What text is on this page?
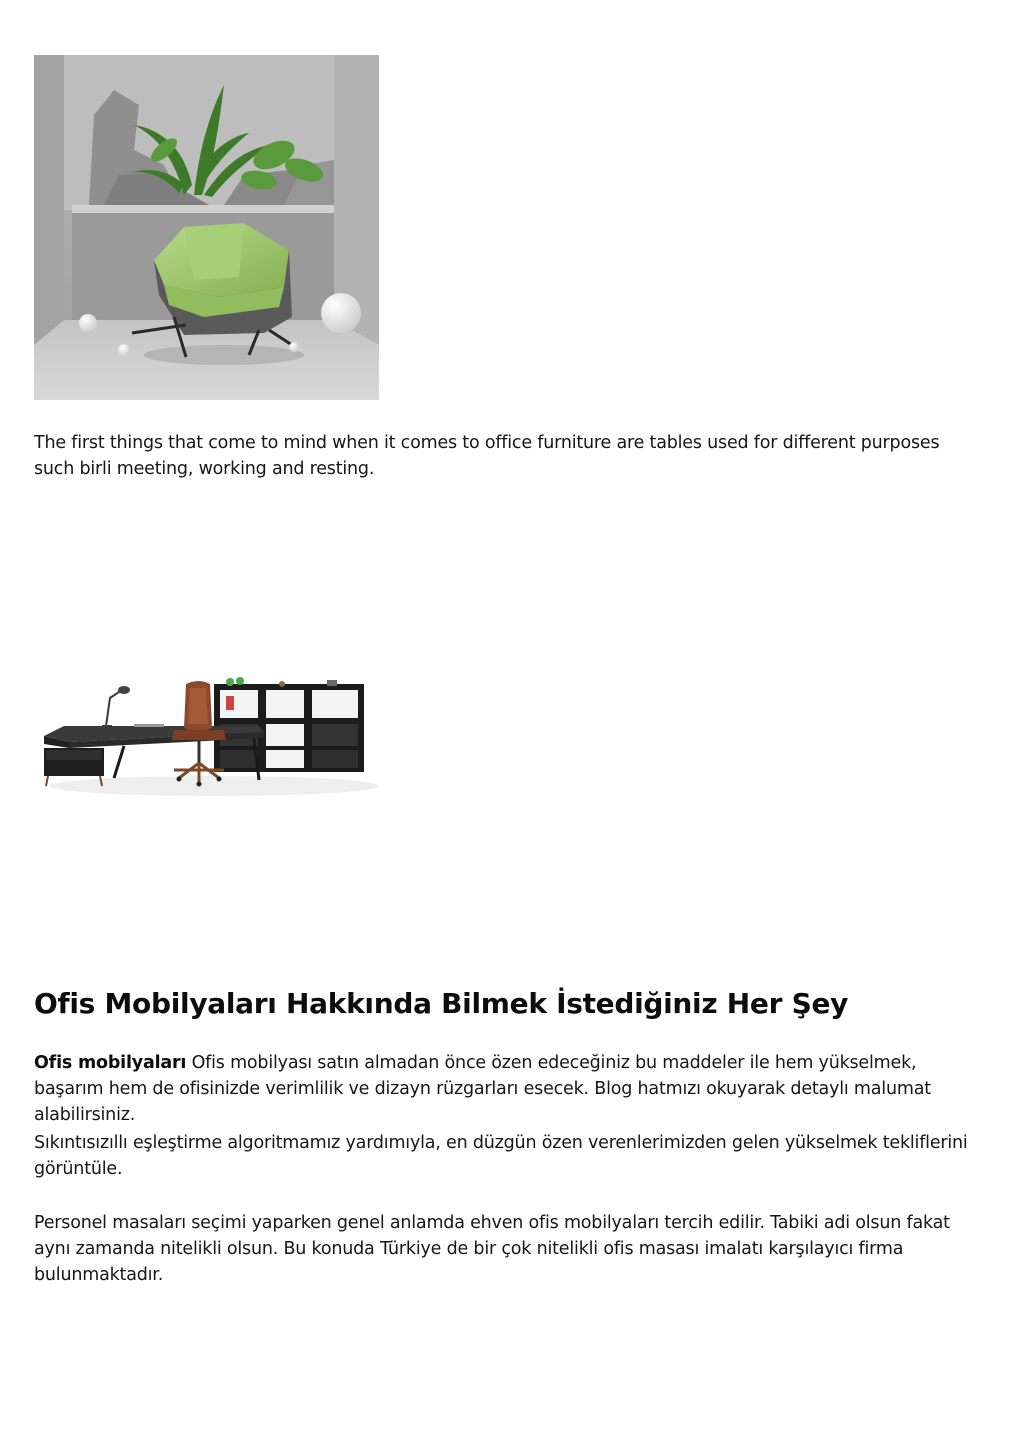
The first things that come to mind when it comes to office furniture are tables used for different purposes such birli meeting, working and resting.

Ofis Mobilyaları Hakkında Bilmek İstediğiniz Her Şey

Ofis mobilyaları Ofis mobilyası satın almadan önce özen edeceğiniz bu maddeler ile hem yükselmek, başarım hem de ofisinizde verimlilik ve dizayn rüzgarları esecek. Blog hatmızı okuyarak detaylı malumat alabilirsiniz.

Sıkıntısızıllı eşleştirme algoritmamız yardımıyla, en düzgün özen verenlerimizden gelen yükselmek tekliflerini görüntüle.

Personel masaları seçimi yaparken genel anlamda ehven ofis mobilyaları tercih edilir. Tabiki adi olsun fakat aynı zamanda nitelikli olsun. Bu konuda Türkiye de bir çok nitelikli ofis masası imalatı karşılayıcı firma bulunmaktadır.
